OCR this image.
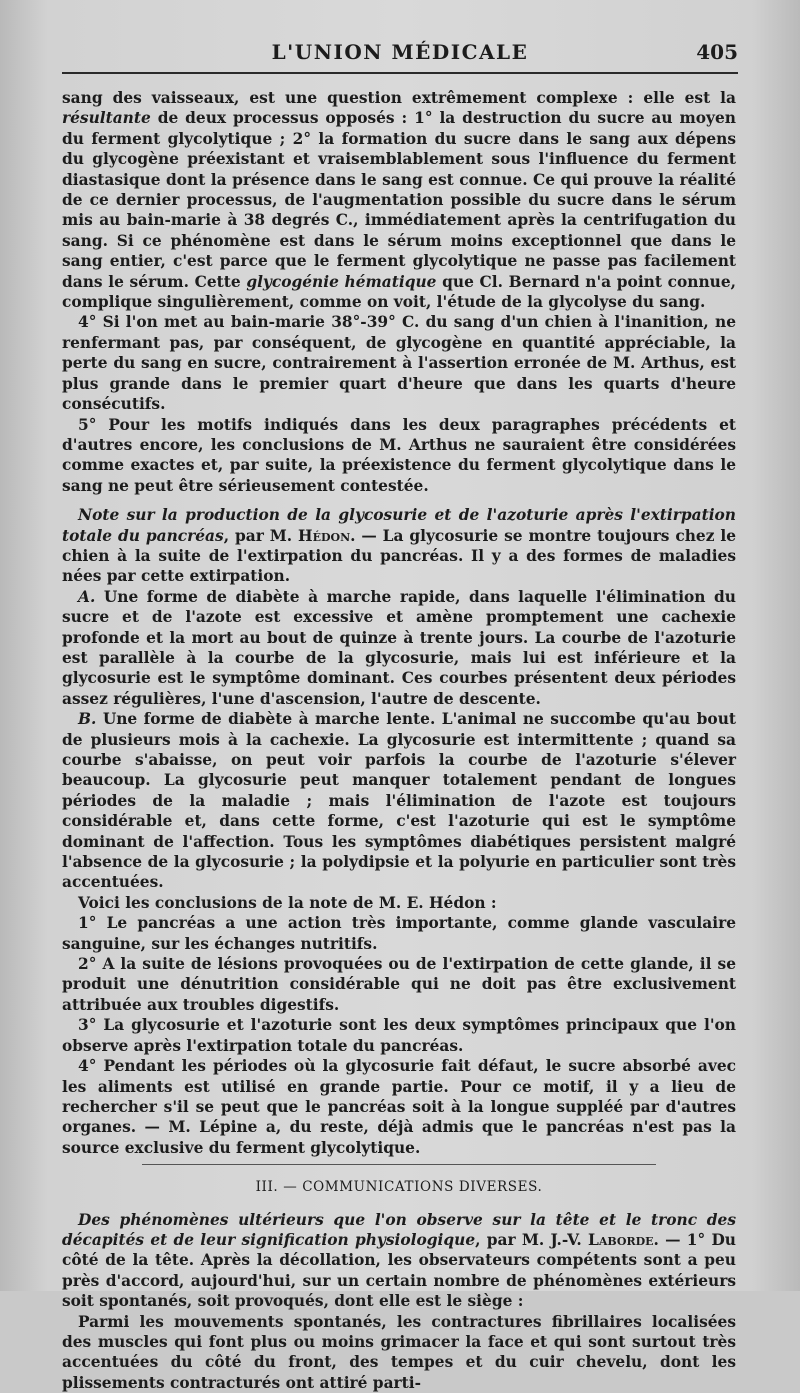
L'UNION MÉDICALE	405

sang des vaisseaux, est une question extrêmement complexe : elle est la résultante de deux processus opposés : 1° la destruction du sucre au moyen du ferment glycolytique ; 2° la formation du sucre dans le sang aux dépens du glycogène préexistant et vraisemblablement sous l'influence du ferment diastasique dont la présence dans le sang est connue. Ce qui prouve la réalité de ce dernier processus, de l'augmentation possible du sucre dans le sérum mis au bain-marie à 38 degrés C., immédiatement après la centrifugation du sang. Si ce phénomène est dans le sérum moins exceptionnel que dans le sang entier, c'est parce que le ferment glycolytique ne passe pas facilement dans le sérum. Cette glycogénie hématique que Cl. Bernard n'a point connue, complique singulièrement, comme on voit, l'étude de la glycolyse du sang.

4° Si l'on met au bain-marie 38°-39° C. du sang d'un chien à l'inanition, ne renfermant pas, par conséquent, de glycogène en quantité appréciable, la perte du sang en sucre, contrairement à l'assertion erronée de M. Arthus, est plus grande dans le premier quart d'heure que dans les quarts d'heure consécutifs.

5° Pour les motifs indiqués dans les deux paragraphes précédents et d'autres encore, les conclusions de M. Arthus ne sauraient être considérées comme exactes et, par suite, la préexistence du ferment glycolytique dans le sang ne peut être sérieusement contestée.

Note sur la production de la glycosurie et de l'azoturie après l'extirpation totale du pancréas, par M. Hédon. — La glycosurie se montre toujours chez le chien à la suite de l'extirpation du pancréas. Il y a des formes de maladies nées par cette extirpation.

A. Une forme de diabète à marche rapide, dans laquelle l'élimination du sucre et de l'azote est excessive et amène promptement une cachexie profonde et la mort au bout de quinze à trente jours. La courbe de l'azoturie est parallèle à la courbe de la glycosurie, mais lui est inférieure et la glycosurie est le symptôme dominant. Ces courbes présentent deux périodes assez régulières, l'une d'ascension, l'autre de descente.

B. Une forme de diabète à marche lente. L'animal ne succombe qu'au bout de plusieurs mois à la cachexie. La glycosurie est intermittente ; quand sa courbe s'abaisse, on peut voir parfois la courbe de l'azoturie s'élever beaucoup. La glycosurie peut manquer totalement pendant de longues périodes de la maladie ; mais l'élimination de l'azote est toujours considérable et, dans cette forme, c'est l'azoturie qui est le symptôme dominant de l'affection. Tous les symptômes diabétiques persistent malgré l'absence de la glycosurie ; la polydipsie et la polyurie en particulier sont très accentuées.

Voici les conclusions de la note de M. E. Hédon :

1° Le pancréas a une action très importante, comme glande vasculaire sanguine, sur les échanges nutritifs.

2° A la suite de lésions provoquées ou de l'extirpation de cette glande, il se produit une dénutrition considérable qui ne doit pas être exclusivement attribuée aux troubles digestifs.

3° La glycosurie et l'azoturie sont les deux symptômes principaux que l'on observe après l'extirpation totale du pancréas.

4° Pendant les périodes où la glycosurie fait défaut, le sucre absorbé avec les aliments est utilisé en grande partie. Pour ce motif, il y a lieu de rechercher s'il se peut que le pancréas soit à la longue suppléé par d'autres organes. — M. Lépine a, du reste, déjà admis que le pancréas n'est pas la source exclusive du ferment glycolytique.

III. — COMMUNICATIONS DIVERSES.

Des phénomènes ultérieurs que l'on observe sur la tête et le tronc des décapités et de leur signification physiologique, par M. J.-V. Laborde. — 1° Du côté de la tête. Après la décollation, les observateurs compétents sont a peu près d'accord, aujourd'hui, sur un certain nombre de phénomènes extérieurs soit spontanés, soit provoqués, dont elle est le siège :

Parmi les mouvements spontanés, les contractures fibrillaires localisées des muscles qui font plus ou moins grimacer la face et qui sont surtout très accentuées du côté du front, des tempes et du cuir chevelu, dont les plissements contracturés ont attiré parti-
